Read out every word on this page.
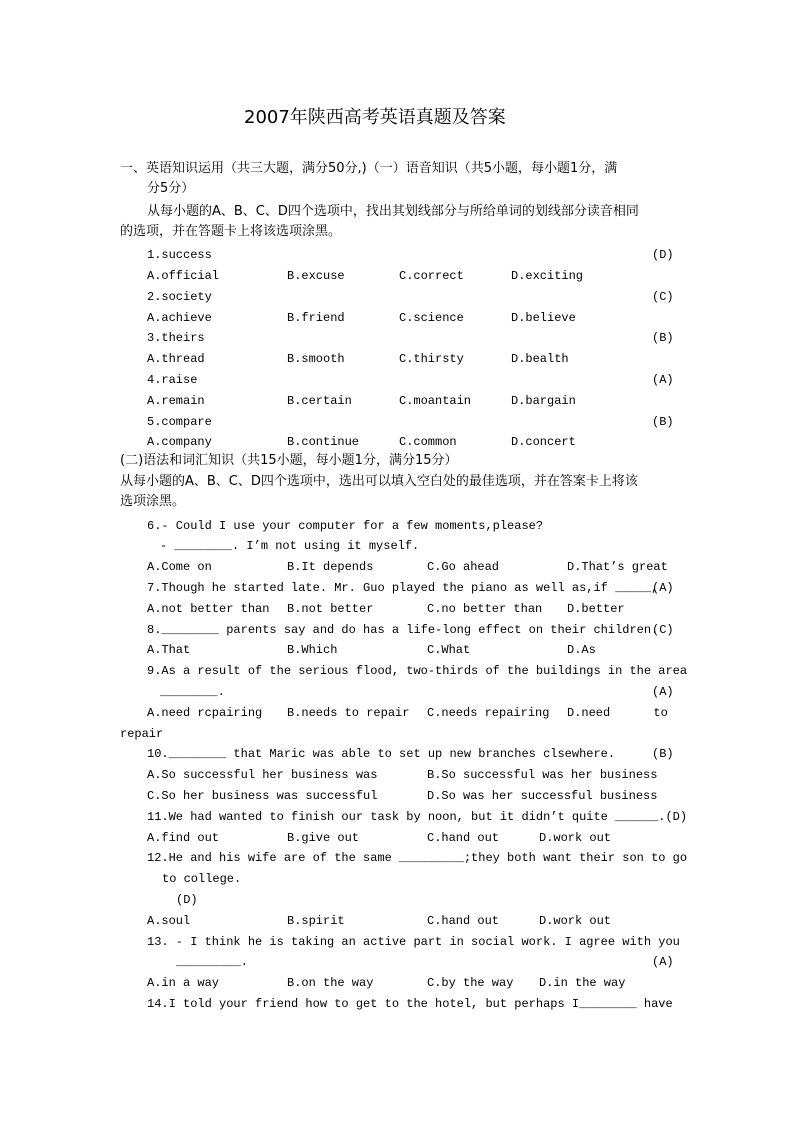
2007年陕西高考英语真题及答案
一、英语知识运用（共三大题，满分50分,)（一）语音知识（共5小题，每小题1分，满
分5分）
从每小题的A、B、C、D四个选项中，找出其划线部分与所给单词的划线部分读音相同
的选项，并在答题卡上将该选项涂黑。
1.success	(D)
A.official	B.excuse	C.correct	D.exciting
2.society	(C)
A.achieve	B.friend	C.science	D.believe
3.theirs	(B)
A.thread	B.smooth	C.thirsty	D.bealth
4.raise	(A)
A.remain	B.certain	C.moantain	D.bargain
5.compare	(B)
A.company	B.continue	C.common	D.concert
(二)语法和词汇知识（共15小题，每小题1分，满分15分）
从每小题的A、B、C、D四个选项中，选出可以填入空白处的最佳选项，并在答案卡上将该
选项涂黑。
6.- Could I use your computer for a few moments,please?
- ________. I’m not using it myself.
A.Come on	B.It depends	C.Go ahead	D.That’s great
7.Though he started late. Mr. Guo played the piano as well as,if _____,
(A)
A.not better than B.not better	C.no better than D.better
8.________ parents say and do has a life-long effect on their children.
(C)
A.That	B.Which	C.What	D.As
9.As a result of the serious flood, two-thirds of the buildings in the area
________.	(A)
A.need rcpairing B.needs to repair C.needs repairing D.need      to
repair
10.________ that Maric was able to set up new branches clsewhere.	(B)
A.So successful her business was	B.So successful was her business
C.So her business was successful	D.So was her successful business
11.We had wanted to finish our task by noon, but it didn’t quite ______.(D)
A.find out	B.give out	C.hand out	D.work out
12.He and his wife are of the same _________;they both want their son to go
to college.
(D)
A.soul	B.spirit	C.hand out	D.work out
13. - I think he is taking an active part in social work. I agree with you
_________.	(A)
A.in a way	B.on the way	C.by the way D.in the way
14.I told your friend how to get to the hotel, but perhaps I________ have
